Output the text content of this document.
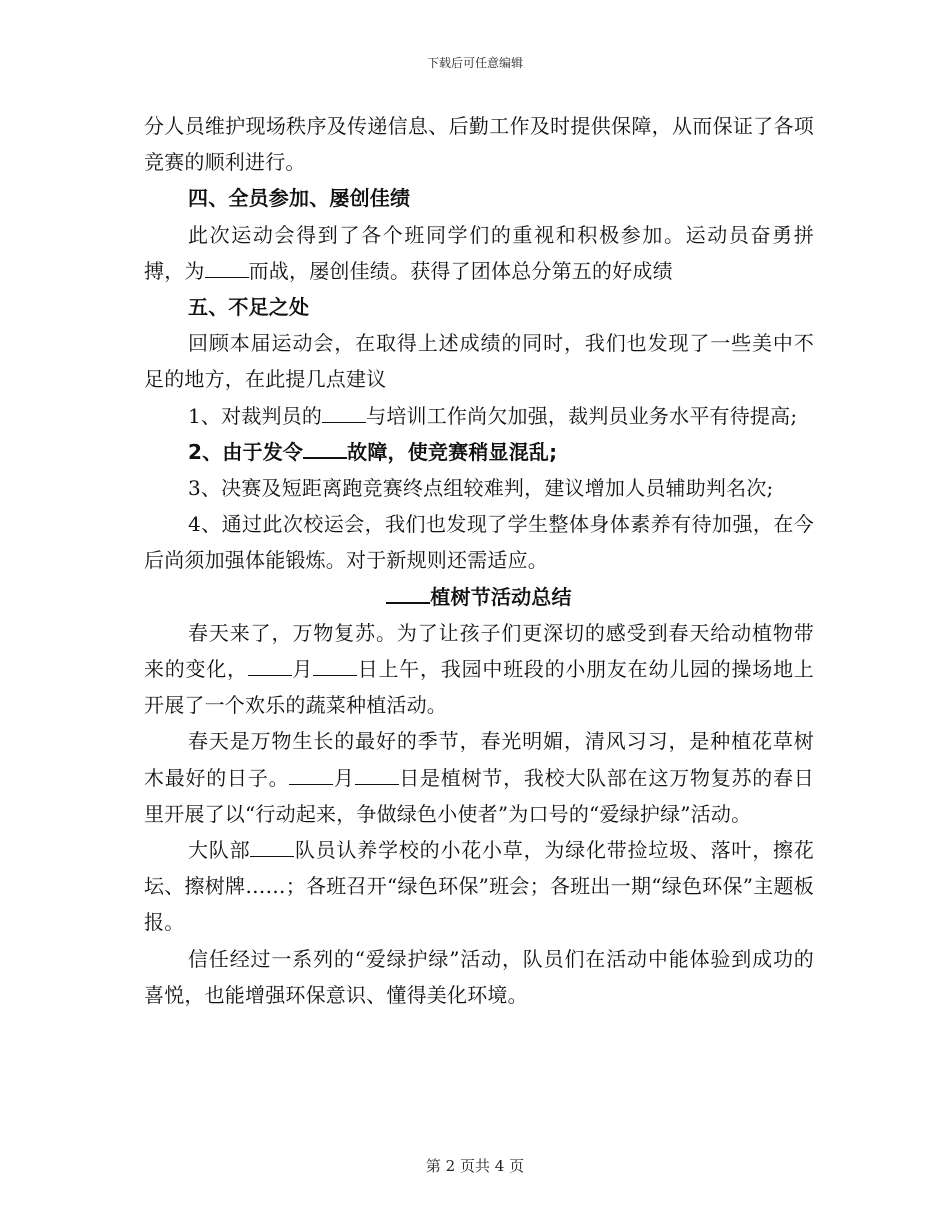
下载后可任意编辑

分人员维护现场秩序及传递信息、后勤工作及时提供保障，从而保证了各项竞赛的顺利进行。

四、全员参加、屡创佳绩

此次运动会得到了各个班同学们的重视和积极参加。运动员奋勇拼搏，为 而战，屡创佳绩。获得了团体总分第五的好成绩

五、不足之处

回顾本届运动会，在取得上述成绩的同时，我们也发现了一些美中不足的地方，在此提几点建议

1、对裁判员的 与培训工作尚欠加强，裁判员业务水平有待提高;

2、由于发令 故障，使竞赛稍显混乱;

3、决赛及短距离跑竞赛终点组较难判，建议增加人员辅助判名次;

4、通过此次校运会，我们也发现了学生整体身体素养有待加强，在今后尚须加强体能锻炼。对于新规则还需适应。

植树节活动总结

春天来了，万物复苏。为了让孩子们更深切的感受到春天给动植物带来的变化， 月 日上午，我园中班段的小朋友在幼儿园的操场地上开展了一个欢乐的蔬菜种植活动。

春天是万物生长的最好的季节，春光明媚，清风习习，是种植花草树木最好的日子。 月 日是植树节，我校大队部在这万物复苏的春日里开展了以“行动起来，争做绿色小使者”为口号的“爱绿护绿”活动。

大队部 队员认养学校的小花小草，为绿化带捡垃圾、落叶，擦花坛、擦树牌……；各班召开“绿色环保”班会；各班出一期“绿色环保”主题板报。

信任经过一系列的“爱绿护绿”活动，队员们在活动中能体验到成功的喜悦，也能增强环保意识、懂得美化环境。

第 2 页共 4 页
